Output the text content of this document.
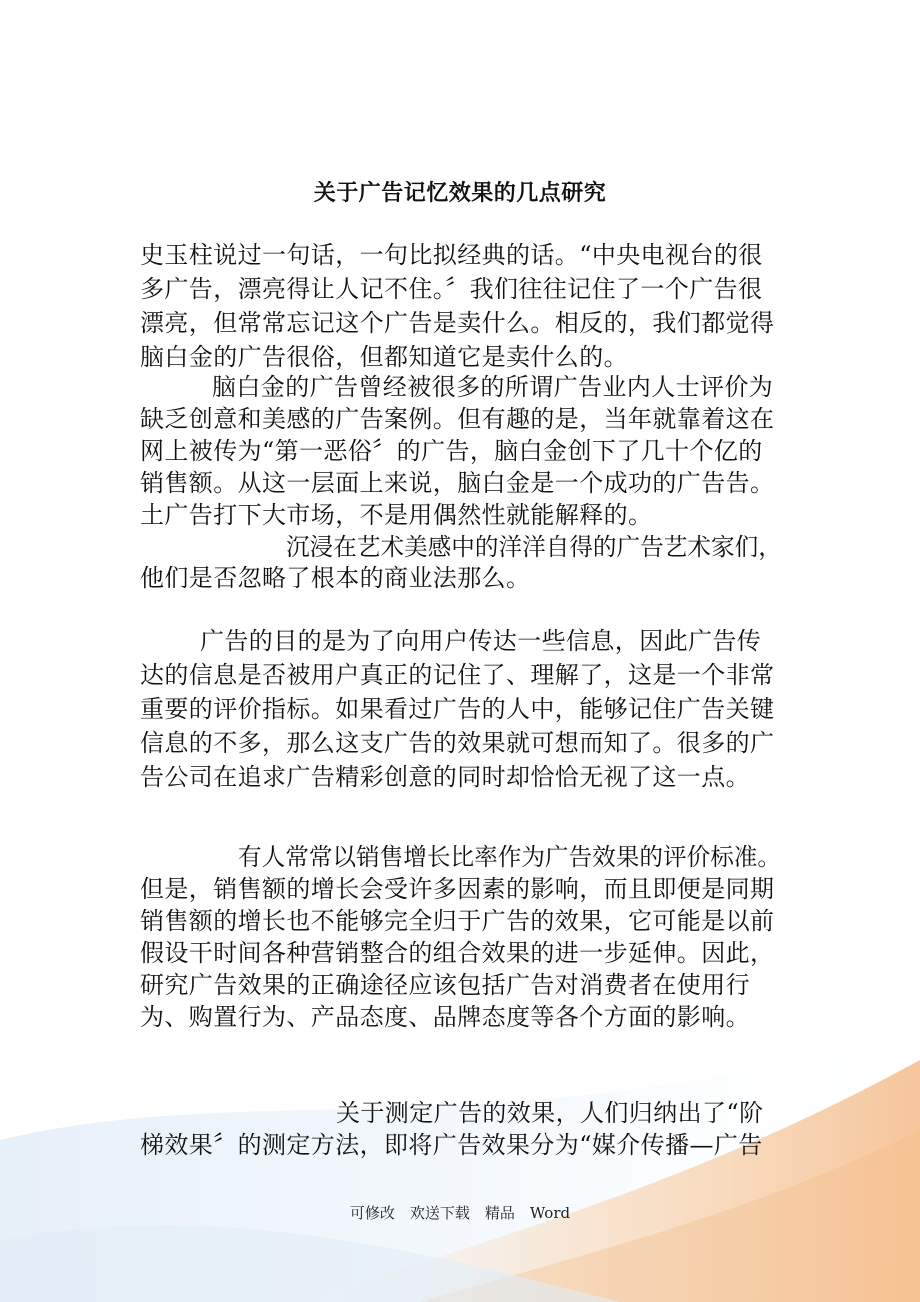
关于广告记忆效果的几点研究
史玉柱说过一句话，一句比拟经典的话。“中央电视台的很
多广告，漂亮得让人记不住。〞我们往往记住了一个广告很
漂亮，但常常忘记这个广告是卖什么。相反的，我们都觉得
脑白金的广告很俗，但都知道它是卖什么的。
脑白金的广告曾经被很多的所谓广告业内人士评价为
缺乏创意和美感的广告案例。但有趣的是，当年就靠着这在
网上被传为“第一恶俗〞的广告，脑白金创下了几十个亿的
销售额。从这一层面上来说，脑白金是一个成功的广告告。
土广告打下大市场，不是用偶然性就能解释的。
沉浸在艺术美感中的洋洋自得的广告艺术家们，
他们是否忽略了根本的商业法那么。
广告的目的是为了向用户传达一些信息，因此广告传
达的信息是否被用户真正的记住了、理解了，这是一个非常
重要的评价指标。如果看过广告的人中，能够记住广告关键
信息的不多，那么这支广告的效果就可想而知了。很多的广
告公司在追求广告精彩创意的同时却恰恰无视了这一点。
有人常常以销售增长比率作为广告效果的评价标准。
但是，销售额的增长会受许多因素的影响，而且即便是同期
销售额的增长也不能够完全归于广告的效果，它可能是以前
假设干时间各种营销整合的组合效果的进一步延伸。因此，
研究广告效果的正确途径应该包括广告对消费者在使用行
为、购置行为、产品态度、品牌态度等各个方面的影响。
关于测定广告的效果，人们归纳出了“阶
梯效果〞的测定方法，即将广告效果分为“媒介传播—广告
可修改　欢送下载　精品　Word
